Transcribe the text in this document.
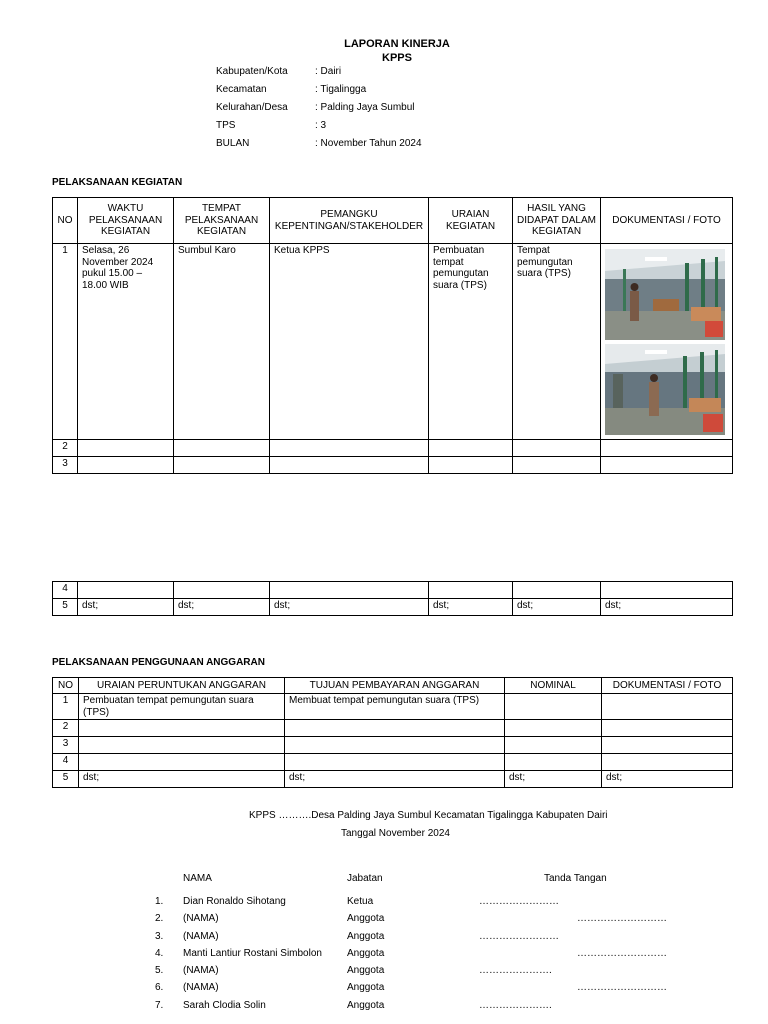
LAPORAN KINERJA
KPPS
Kabupaten/Kota	: Dairi
Kecamatan	: Tigalingga
Kelurahan/Desa	: Palding Jaya Sumbul
TPS	: 3
BULAN	: November Tahun 2024
PELAKSANAAN KEGIATAN
NO	WAKTU PELAKSANAAN KEGIATAN	TEMPAT PELAKSANAAN KEGIATAN	PEMANGKU KEPENTINGAN/STAKEHOLDER	URAIAN KEGIATAN	HASIL YANG DIDAPAT DALAM KEGIATAN	DOKUMENTASI / FOTO
1	Selasa, 26 November 2024 pukul 15.00 – 18.00 WIB	Sumbul Karo	Ketua KPPS	Pembuatan tempat pemungutan suara (TPS)	Tempat pemungutan suara (TPS)	

2						
3						
4						
5	dst;	dst;	dst;	dst;	dst;	dst;
PELAKSANAAN PENGGUNAAN ANGGARAN
NO	URAIAN PERUNTUKAN ANGGARAN	TUJUAN PEMBAYARAN ANGGARAN	NOMINAL	DOKUMENTASI / FOTO
1	Pembuatan tempat pemungutan suara (TPS)	Membuat tempat pemungutan suara (TPS)		
2				
3				
4				
5	dst;	dst;	dst;	dst;
KPPS ……….Desa Palding Jaya Sumbul Kecamatan Tigalingga Kabupaten Dairi
Tanggal November 2024
NAMA	Jabatan	Tanda Tangan
1. Dian Ronaldo Sihotang	Ketua	……………………
2. (NAMA)	Anggota	………………………
3. (NAMA)	Anggota	……………………
4. Manti Lantiur Rostani Simbolon	Anggota	………………………
5. (NAMA)	Anggota	………………….
6. (NAMA)	Anggota	………………………
7. Sarah Clodia Solin	Anggota	………………….
